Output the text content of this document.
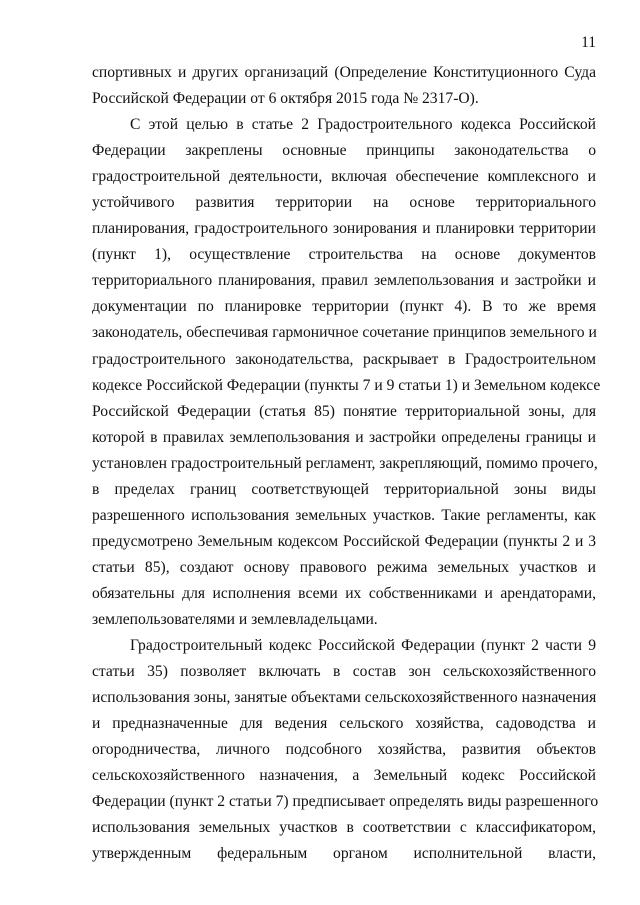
11
спортивных и других организаций (Определение Конституционного Суда
Российской Федерации от 6 октября 2015 года № 2317-О).
С этой целью в статье 2 Градостроительного кодекса Российской
Федерации закреплены основные принципы законодательства о
градостроительной деятельности, включая обеспечение комплексного и
устойчивого развития территории на основе территориального
планирования, градостроительного зонирования и планировки территории
(пункт 1), осуществление строительства на основе документов
территориального планирования, правил землепользования и застройки и
документации по планировке территории (пункт 4). В то же время
законодатель, обеспечивая гармоничное сочетание принципов земельного и
градостроительного законодательства, раскрывает в Градостроительном
кодексе Российской Федерации (пункты 7 и 9 статьи 1) и Земельном кодексе
Российской Федерации (статья 85) понятие территориальной зоны, для
которой в правилах землепользования и застройки определены границы и
установлен градостроительный регламент, закрепляющий, помимо прочего,
в пределах границ соответствующей территориальной зоны виды
разрешенного использования земельных участков. Такие регламенты, как
предусмотрено Земельным кодексом Российской Федерации (пункты 2 и 3
статьи 85), создают основу правового режима земельных участков и
обязательны для исполнения всеми их собственниками и арендаторами,
землепользователями и землевладельцами.
Градостроительный кодекс Российской Федерации (пункт 2 части 9
статьи 35) позволяет включать в состав зон сельскохозяйственного
использования зоны, занятые объектами сельскохозяйственного назначения
и предназначенные для ведения сельского хозяйства, садоводства и
огородничества, личного подсобного хозяйства, развития объектов
сельскохозяйственного назначения, а Земельный кодекс Российской
Федерации (пункт 2 статьи 7) предписывает определять виды разрешенного
использования земельных участков в соответствии с классификатором,
утвержденным федеральным органом исполнительной власти,
